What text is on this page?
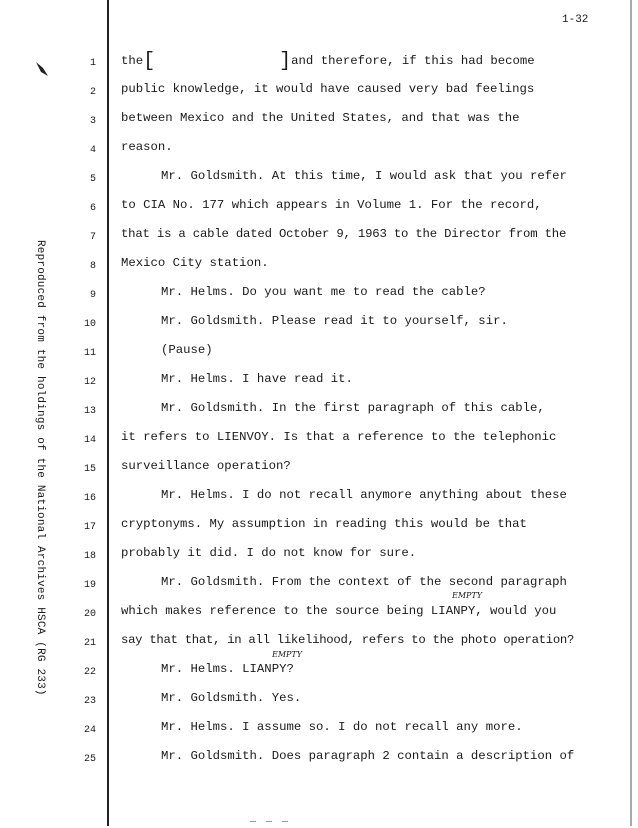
1-32
Reproduced from the holdings of the National Archives HSCA (RG 233)
1 the[	]and therefore, if this had become
2 public knowledge, it would have caused very bad feelings
3 between Mexico and the United States, and that was the
4 reason.
5	Mr. Goldsmith. At this time, I would ask that you refer
6 to CIA No. 177 which appears in Volume 1. For the record,
7 that is a cable dated October 9, 1963 to the Director from the
8 Mexico City station.
9	Mr. Helms. Do you want me to read the cable?
10	Mr. Goldsmith. Please read it to yourself, sir.
11	(Pause)
12	Mr. Helms. I have read it.
13	Mr. Goldsmith. In the first paragraph of this cable,
14 it refers to LIENVOY. Is that a reference to the telephonic
15 surveillance operation?
16	Mr. Helms. I do not recall anymore anything about these
17 cryptonyms. My assumption in reading this would be that
18 probably it did. I do not know for sure.
19	Mr. Goldsmith. From the context of the second paragraph
20 which makes reference to the source being LIANPY, would you
21 say that that, in all likelihood, refers to the photo operation?
22	Mr. Helms. LIANPY?
23	Mr. Goldsmith. Yes.
24	Mr. Helms. I assume so. I do not recall any more.
25	Mr. Goldsmith. Does paragraph 2 contain a description of
EMPTY
EMPTY
— — —
